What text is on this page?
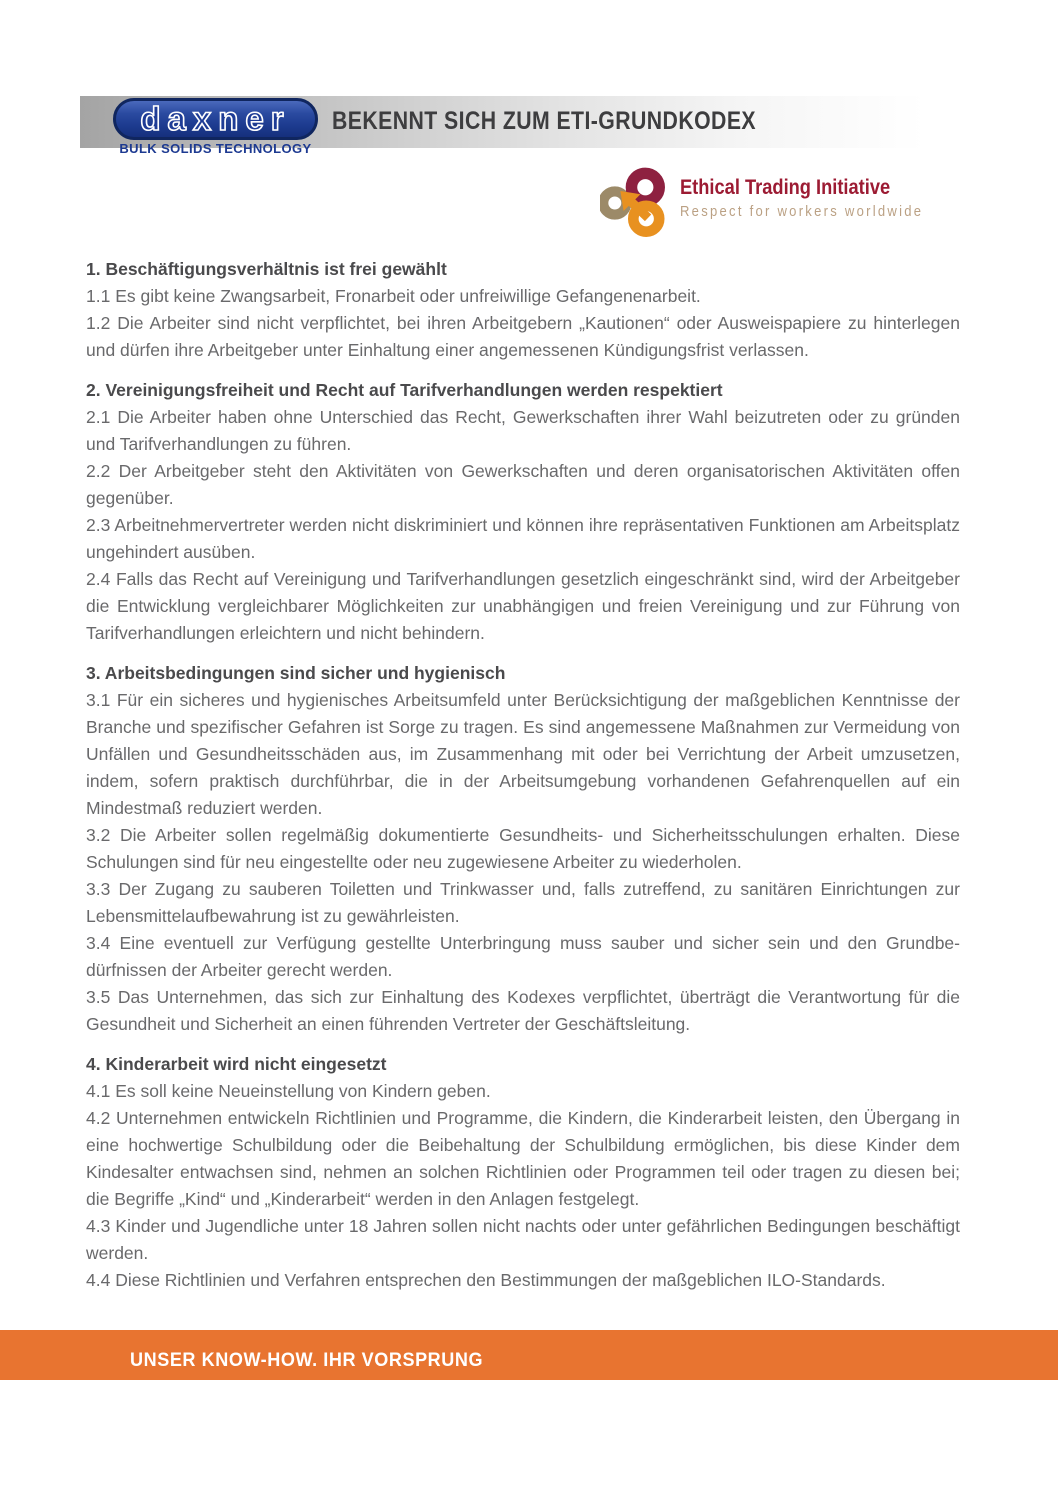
daxner
BULK SOLIDS TECHNOLOGY
BEKENNT SICH ZUM ETI-GRUNDKODEX
Ethical Trading Initiative
Respect for workers worldwide
1. Beschäftigungsverhältnis ist frei gewählt

1.1 Es gibt keine Zwangsarbeit, Fronarbeit oder unfreiwillige Gefangenenarbeit.

1.2 Die Arbeiter sind nicht verpflichtet, bei ihren Arbeitgebern „Kautionen“ oder Ausweispapiere zu hinterlegen und dürfen ihre Arbeitgeber unter Einhaltung einer angemessenen Kündigungsfrist verlassen.

2. Vereinigungsfreiheit und Recht auf Tarifverhandlungen werden respektiert

2.1 Die Arbeiter haben ohne Unterschied das Recht, Gewerkschaften ihrer Wahl beizutreten oder zu gründen und Tarifverhandlungen zu führen.

2.2 Der Arbeitgeber steht den Aktivitäten von Gewerkschaften und deren organisatorischen Aktivitäten offen gegenüber.

2.3 Arbeitnehmervertreter werden nicht diskriminiert und können ihre repräsentativen Funktionen am Arbeitsplatz ungehindert ausüben.

2.4 Falls das Recht auf Vereinigung und Tarifverhandlungen gesetzlich eingeschränkt sind, wird der Arbeitgeber die Entwicklung vergleichbarer Möglichkeiten zur unabhängigen und freien Vereinigung und zur Führung von Tarifverhandlungen erleichtern und nicht behindern.

3. Arbeitsbedingungen sind sicher und hygienisch

3.1 Für ein sicheres und hygienisches Arbeitsumfeld unter Berücksichtigung der maßgeblichen Kenntnisse der Branche und spezifischer Gefahren ist Sorge zu tragen. Es sind angemessene Maßnahmen zur Vermeidung von Unfällen und Gesundheitsschäden aus, im Zusammenhang mit oder bei Verrichtung der Arbeit umzusetzen, indem, sofern praktisch durchführbar, die in der Arbeitsumgebung vorhandenen Gefahrenquellen auf ein Mindestmaß reduziert werden.

3.2 Die Arbeiter sollen regelmäßig dokumentierte Gesundheits- und Sicherheitsschulungen erhalten. Diese Schulungen sind für neu eingestellte oder neu zugewiesene Arbeiter zu wiederholen.

3.3 Der Zugang zu sauberen Toiletten und Trinkwasser und, falls zutreffend, zu sanitären Einrichtungen zur Lebensmittelaufbewahrung ist zu gewährleisten.

3.4 Eine eventuell zur Verfügung gestellte Unterbringung muss sauber und sicher sein und den Grundbedürfnissen der Arbeiter gerecht werden.

3.5 Das Unternehmen, das sich zur Einhaltung des Kodexes verpflichtet, überträgt die Verantwortung für die Gesundheit und Sicherheit an einen führenden Vertreter der Geschäftsleitung.

4. Kinderarbeit wird nicht eingesetzt

4.1 Es soll keine Neueinstellung von Kindern geben.

4.2 Unternehmen entwickeln Richtlinien und Programme, die Kindern, die Kinderarbeit leisten, den Übergang in eine hochwertige Schulbildung oder die Beibehaltung der Schulbildung ermöglichen, bis diese Kinder dem Kindesalter entwachsen sind, nehmen an solchen Richtlinien oder Programmen teil oder tragen zu diesen bei; die Begriffe „Kind“ und „Kinderarbeit“ werden in den Anlagen festgelegt.

4.3 Kinder und Jugendliche unter 18 Jahren sollen nicht nachts oder unter gefährlichen Bedingungen beschäftigt werden.

4.4 Diese Richtlinien und Verfahren entsprechen den Bestimmungen der maßgeblichen ILO-Standards.

UNSER KNOW-HOW. IHR VORSPRUNG
